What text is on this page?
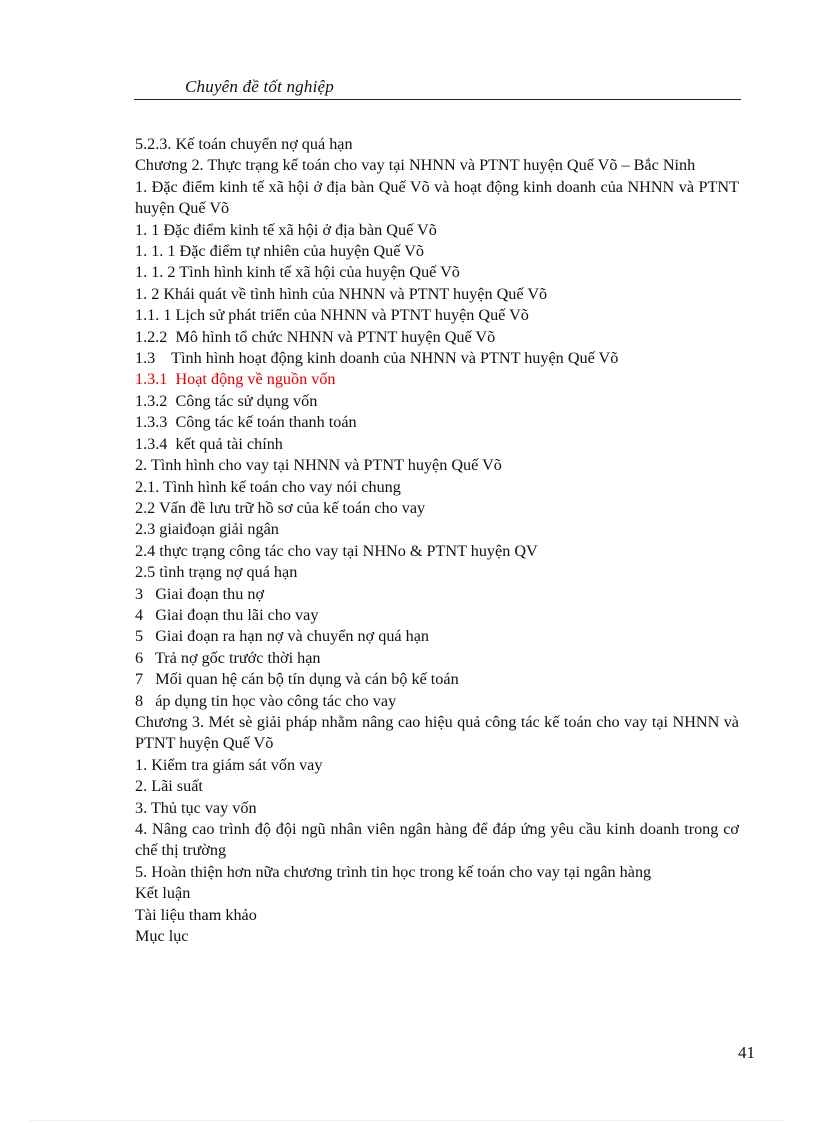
Chuyên đề tốt nghiệp

5.2.3. Kế toán chuyển nợ quá hạn

Chương 2. Thực trạng kế toán cho vay tại NHNN và PTNT huyện Quế Võ – Bắc Ninh

1. Đặc điểm kinh tế xã hội ở địa bàn Quế Võ và hoạt động kinh doanh của NHNN và PTNT huyện Quế Võ

1. 1 Đặc điểm kinh tế xã hội ở địa bàn Quế Võ

1. 1. 1 Đặc điểm tự nhiên của huyện Quế Võ

1. 1. 2 Tình hình kinh tế xã hội của huyện Quế Võ

1. 2 Khái quát về tình hình của NHNN và PTNT huyện Quế Võ

1.1. 1 Lịch sử phát triển của NHNN và PTNT huyện Quế Võ

1.2.2  Mô hình tổ chức NHNN và PTNT huyện Quế Võ

1.3    Tình hình hoạt động kinh doanh của NHNN và PTNT huyện Quế Võ

1.3.1  Hoạt động về nguồn vốn

1.3.2  Công tác sử dụng vốn

1.3.3  Công tác kế toán thanh toán

1.3.4  kết quả tài chính

2. Tình hình cho vay tại NHNN và PTNT huyện Quế Võ

2.1. Tình hình kế toán cho vay nói chung

2.2 Vấn đề lưu trữ hồ sơ của kế toán cho vay

2.3 giaiđoạn giải ngân

2.4 thực trạng công tác cho vay tại NHNo & PTNT huyện QV

2.5 tình trạng nợ quá hạn

3   Giai đoạn thu nợ

4   Giai đoạn thu lãi cho vay

5   Giai đoạn ra hạn nợ và chuyển nợ quá hạn

6   Trả nợ gốc trước thời hạn

7   Mối quan hệ cán bộ tín dụng và cán bộ kế toán

8   áp dụng tin học vào công tác cho vay

Chương 3. Mét sè giải pháp nhằm nâng cao hiệu quả công tác kế toán cho vay tại NHNN và PTNT huyện Quế Võ

1. Kiểm tra giám sát vốn vay

2. Lãi suất

3. Thủ tục vay vốn

4. Nâng cao trình độ đội ngũ nhân viên ngân hàng để đáp ứng yêu cầu kinh doanh trong cơ chế thị trường

5. Hoàn thiện hơn nữa chương trình tin học trong kế toán cho vay tại ngân hàng

Kết luận

Tài liệu tham khảo

Mục lục

41
